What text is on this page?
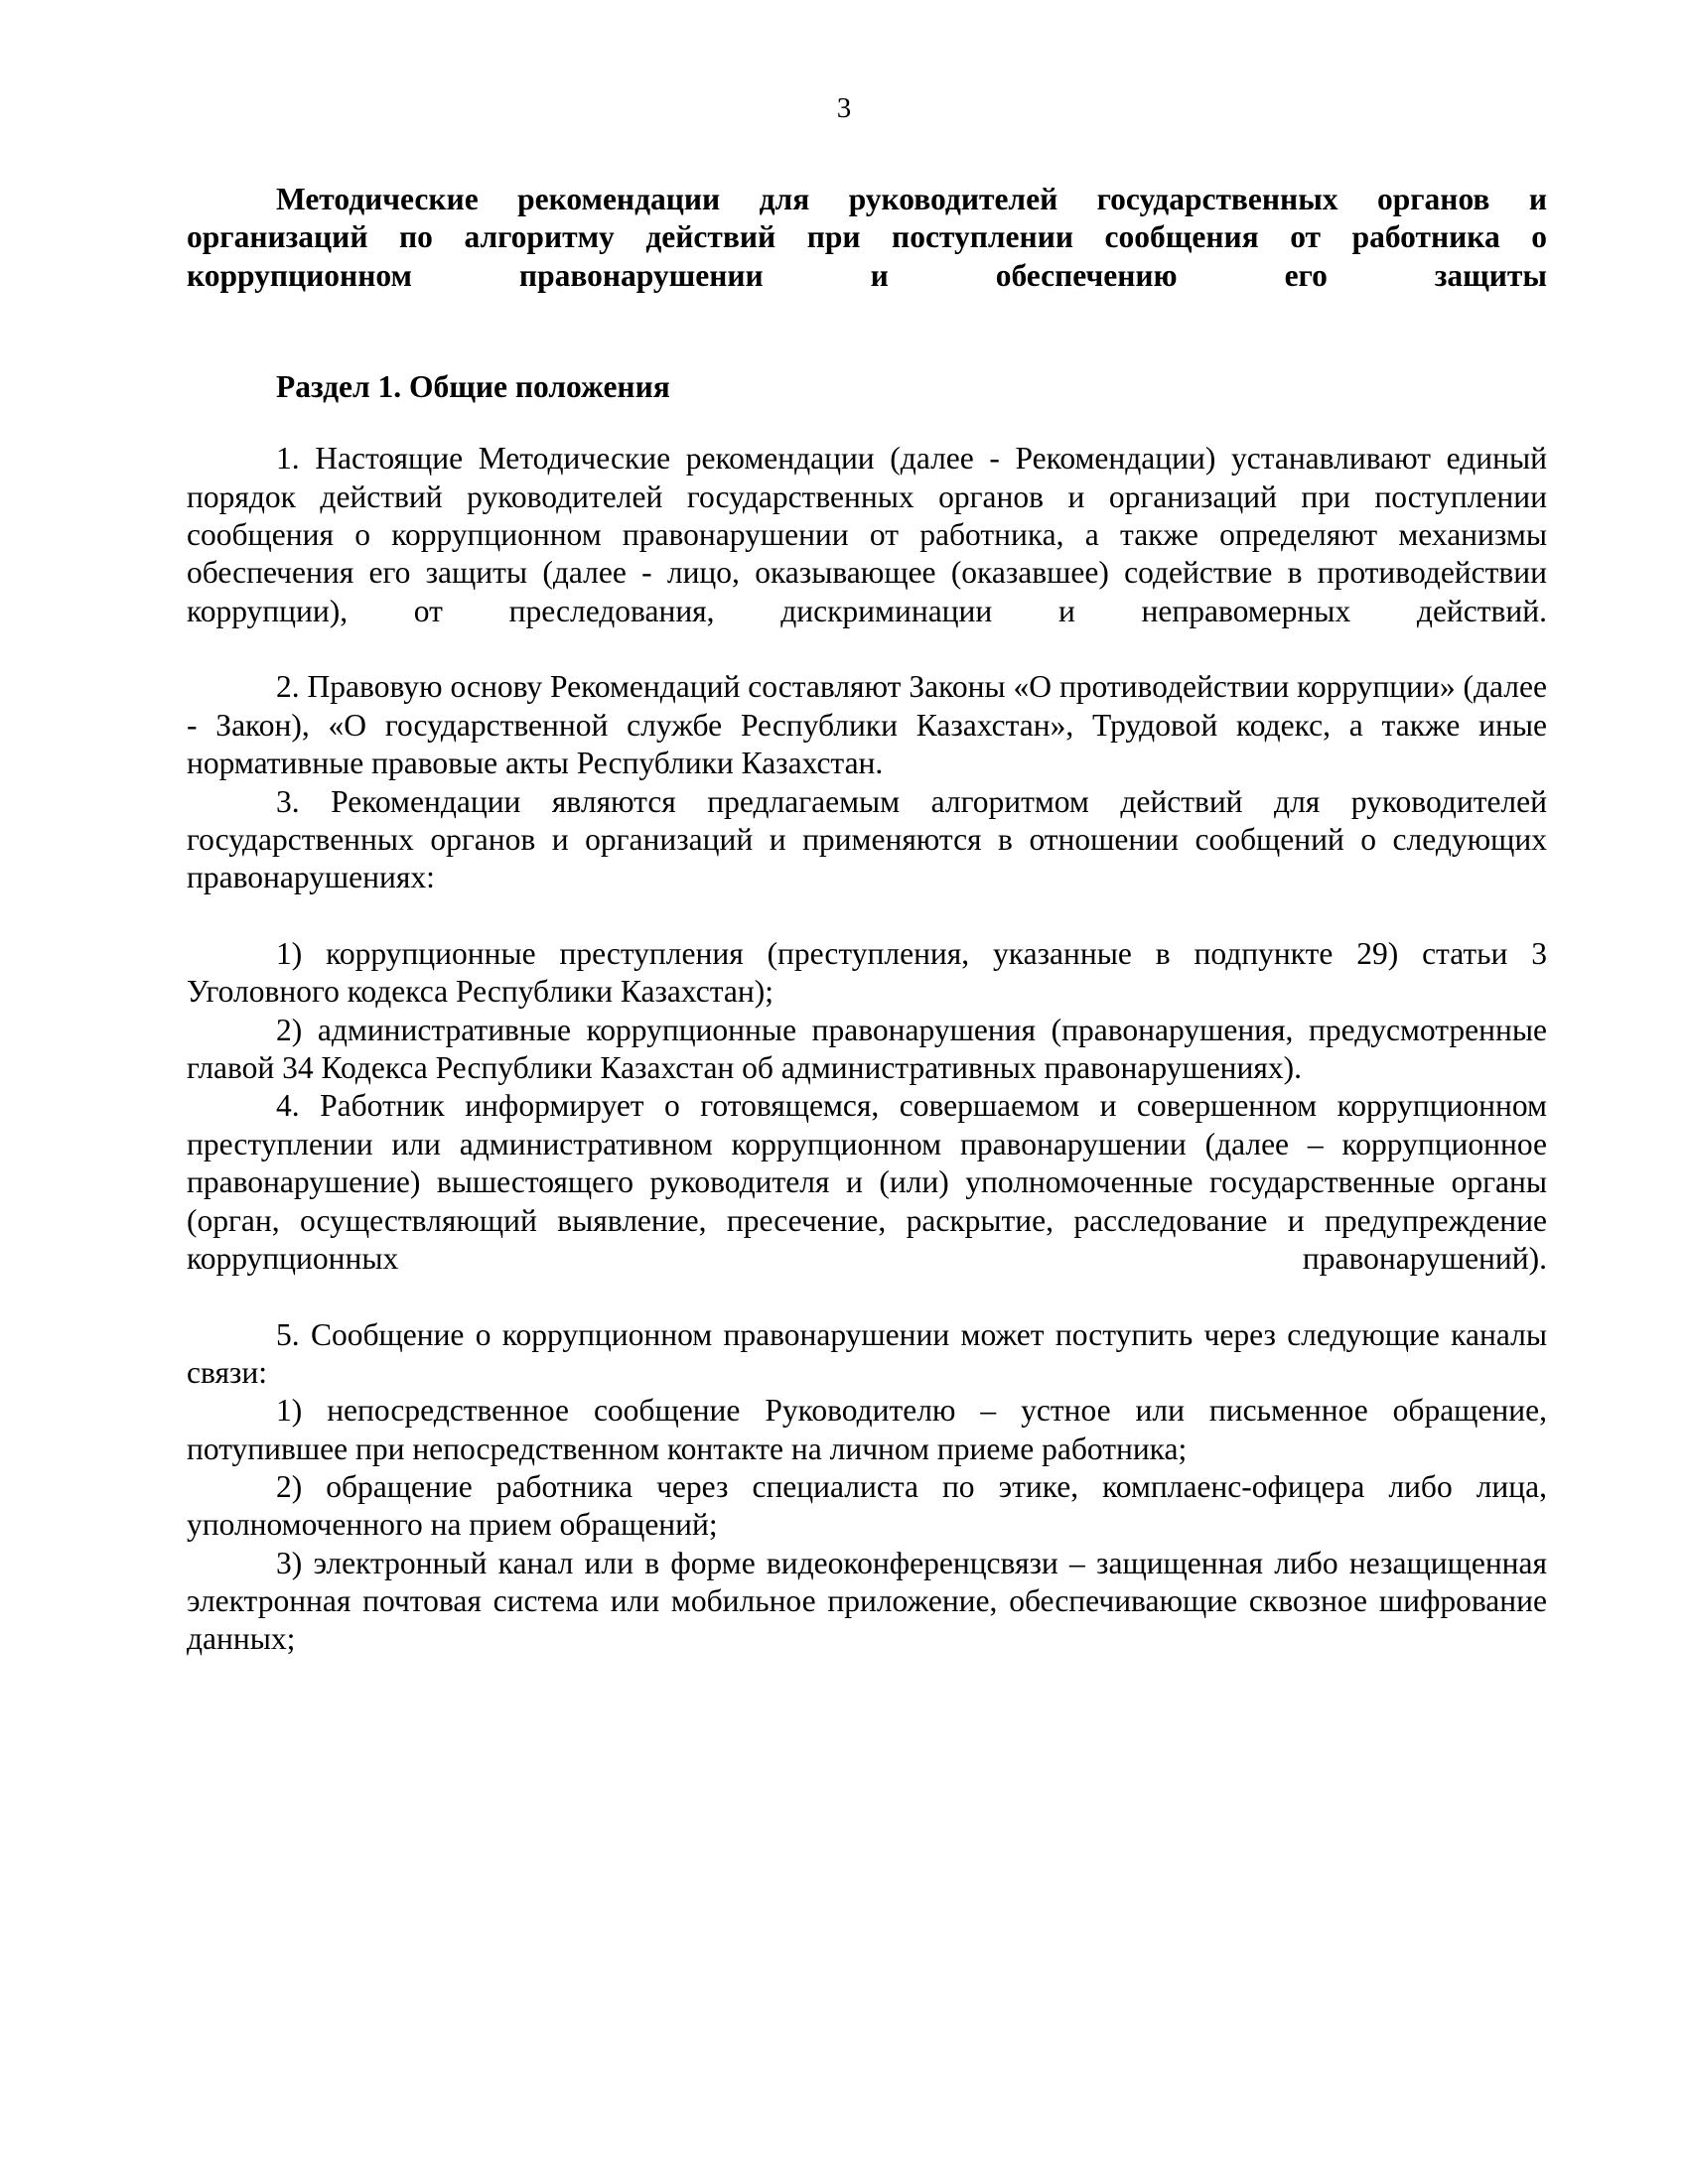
3
Методические рекомендации для руководителей государственных органов и организаций по алгоритму действий при поступлении сообщения от работника о коррупционном правонарушении и обеспечению его защиты
Раздел 1. Общие положения

1. Настоящие Методические рекомендации (далее - Рекомендации) устанавливают единый порядок действий руководителей государственных органов и организаций при поступлении сообщения о коррупционном правонарушении от работника, а также определяют механизмы обеспечения его защиты (далее - лицо, оказывающее (оказавшее) содействие в противодействии коррупции), от преследования, дискриминации и неправомерных действий.

2. Правовую основу Рекомендаций составляют Законы «О противодействии коррупции» (далее - Закон), «О государственной службе Республики Казахстан», Трудовой кодекс, а также иные нормативные правовые акты Республики Казахстан.

3. Рекомендации являются предлагаемым алгоритмом действий для руководителей государственных органов и организаций и применяются в отношении сообщений о следующих правонарушениях:

1) коррупционные преступления (преступления, указанные в подпункте 29) статьи 3 Уголовного кодекса Республики Казахстан);

2) административные коррупционные правонарушения (правонарушения, предусмотренные главой 34 Кодекса Республики Казахстан об административных правонарушениях).

4. Работник информирует о готовящемся, совершаемом и совершенном коррупционном преступлении или административном коррупционном правонарушении (далее – коррупционное правонарушение) вышестоящего руководителя и (или) уполномоченные государственные органы (орган, осуществляющий выявление, пресечение, раскрытие, расследование и предупреждение коррупционных правонарушений).

5. Сообщение о коррупционном правонарушении может поступить через следующие каналы связи:

1) непосредственное сообщение Руководителю – устное или письменное обращение, потупившее при непосредственном контакте на личном приеме работника;

2) обращение работника через специалиста по этике, комплаенс-офицера либо лица, уполномоченного на прием обращений;

3) электронный канал или в форме видеоконференцсвязи – защищенная либо незащищенная электронная почтовая система или мобильное приложение, обеспечивающие сквозное шифрование данных;
